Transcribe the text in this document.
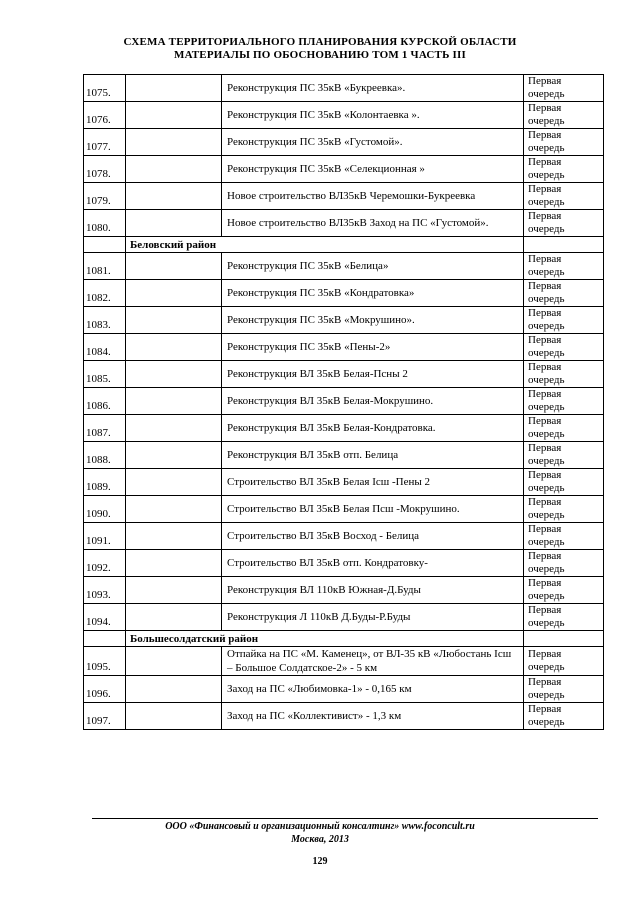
СХЕМА ТЕРРИТОРИАЛЬНОГО ПЛАНИРОВАНИЯ КУРСКОЙ ОБЛАСТИ
МАТЕРИАЛЫ ПО ОБОСНОВАНИЮ ТОМ 1 ЧАСТЬ III
1075.		Реконструкция ПС 35кВ «Букреевка».	Первая
очередь

1076.		Реконструкция ПС 35кВ «Колонтаевка ».	Первая
очередь

1077.		Реконструкция ПС 35кВ «Густомой».	Первая
очередь

1078.		Реконструкция ПС 35кВ «Селекционная »	Первая
очередь

1079.		Новое строительство ВЛ35кВ Черемошки-Букреевка	Первая
очередь

1080.		Новое строительство ВЛ35кВ Заход на ПС «Густомой».	Первая
очередь

	Беловский район		
1081.		Реконструкция ПС 35кВ «Белица»	Первая
очередь

1082.		Реконструкция ПС 35кВ «Кондратовка»	Первая
очередь

1083.		Реконструкция ПС 35кВ «Мокрушино».	Первая
очередь

1084.		Реконструкция ПС 35кВ «Пены-2»	Первая
очередь

1085.		Реконструкция ВЛ 35кВ Белая-Псны 2	Первая
очередь

1086.		Реконструкция ВЛ 35кВ Белая-Мокрушино.	Первая
очередь

1087.		Реконструкция ВЛ 35кВ Белая-Кондратовка.	Первая
очередь

1088.		Реконструкция ВЛ 35кВ отп. Белица	Первая
очередь

1089.		Строительство ВЛ 35кВ Белая Icш -Пены 2	Первая
очередь

1090.		Строительство ВЛ 35кВ Белая Псш -Мокрушино.	Первая
очередь

1091.		Строительство ВЛ 35кВ Восход - Белица	Первая
очередь

1092.		Строительство ВЛ 35кВ отп. Кондратовку-	Первая
очередь

1093.		Реконструкция ВЛ 110кВ Южная-Д.Буды	Первая
очередь

1094.		Реконструкция Л 110кВ Д.Буды-Р.Буды	Первая
очередь

	Большесолдатский район		
1095.		Отпайка на ПС «М. Каменец», от ВЛ-35 кВ «Любостань Icш – Большое Солдатское-2» - 5 км	Первая
очередь

1096.		Заход на ПС «Любимовка-1» - 0,165 км	Первая
очередь

1097.		Заход на ПС «Коллективист» - 1,3 км	Первая
очередь
ООО «Финансовый и организационный консалтинг» www.foconcult.ru
Москва, 2013
129
